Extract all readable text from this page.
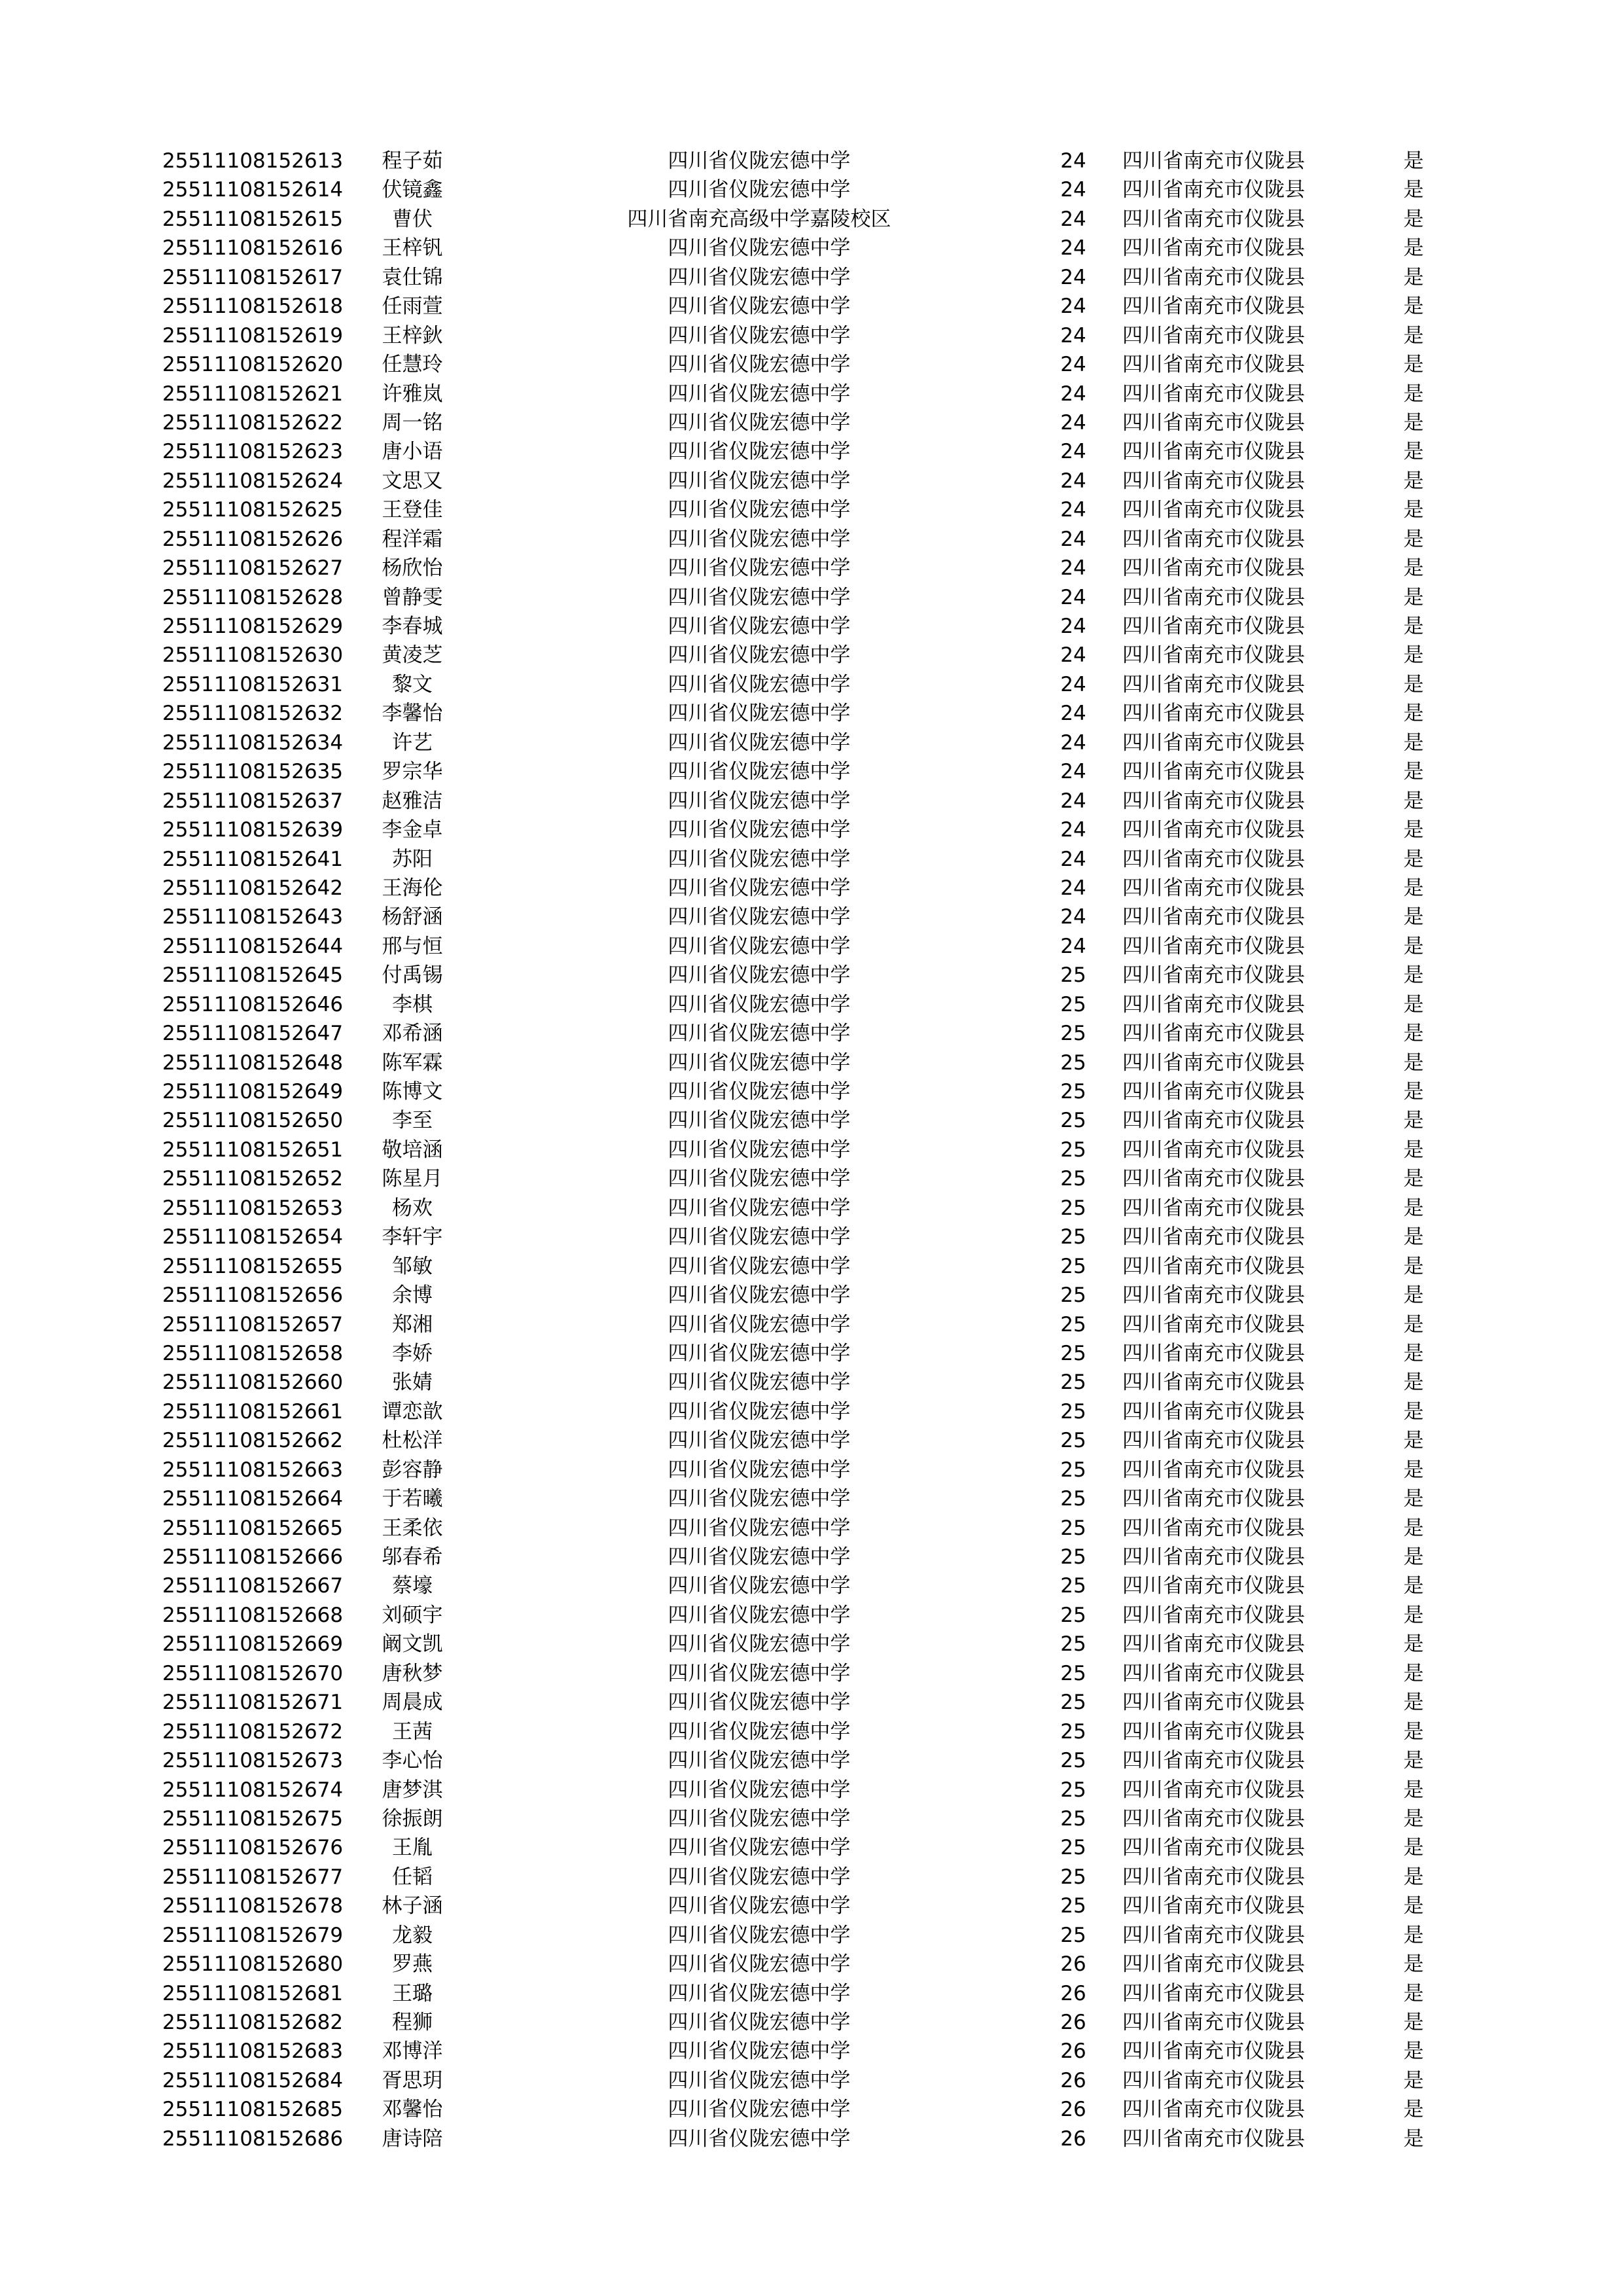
25511108152613	程子茹	四川省仪陇宏德中学	24	四川省南充市仪陇县	是
25511108152614	伏镜鑫	四川省仪陇宏德中学	24	四川省南充市仪陇县	是
25511108152615	曹伏	四川省南充高级中学嘉陵校区	24	四川省南充市仪陇县	是
25511108152616	王梓钒	四川省仪陇宏德中学	24	四川省南充市仪陇县	是
25511108152617	袁仕锦	四川省仪陇宏德中学	24	四川省南充市仪陇县	是
25511108152618	任雨萱	四川省仪陇宏德中学	24	四川省南充市仪陇县	是
25511108152619	王梓鈥	四川省仪陇宏德中学	24	四川省南充市仪陇县	是
25511108152620	任慧玲	四川省仪陇宏德中学	24	四川省南充市仪陇县	是
25511108152621	许雅岚	四川省仪陇宏德中学	24	四川省南充市仪陇县	是
25511108152622	周一铭	四川省仪陇宏德中学	24	四川省南充市仪陇县	是
25511108152623	唐小语	四川省仪陇宏德中学	24	四川省南充市仪陇县	是
25511108152624	文思又	四川省仪陇宏德中学	24	四川省南充市仪陇县	是
25511108152625	王登佳	四川省仪陇宏德中学	24	四川省南充市仪陇县	是
25511108152626	程洋霜	四川省仪陇宏德中学	24	四川省南充市仪陇县	是
25511108152627	杨欣怡	四川省仪陇宏德中学	24	四川省南充市仪陇县	是
25511108152628	曾静雯	四川省仪陇宏德中学	24	四川省南充市仪陇县	是
25511108152629	李春城	四川省仪陇宏德中学	24	四川省南充市仪陇县	是
25511108152630	黄凌芝	四川省仪陇宏德中学	24	四川省南充市仪陇县	是
25511108152631	黎文	四川省仪陇宏德中学	24	四川省南充市仪陇县	是
25511108152632	李馨怡	四川省仪陇宏德中学	24	四川省南充市仪陇县	是
25511108152634	许艺	四川省仪陇宏德中学	24	四川省南充市仪陇县	是
25511108152635	罗宗华	四川省仪陇宏德中学	24	四川省南充市仪陇县	是
25511108152637	赵雅洁	四川省仪陇宏德中学	24	四川省南充市仪陇县	是
25511108152639	李金卓	四川省仪陇宏德中学	24	四川省南充市仪陇县	是
25511108152641	苏阳	四川省仪陇宏德中学	24	四川省南充市仪陇县	是
25511108152642	王海伦	四川省仪陇宏德中学	24	四川省南充市仪陇县	是
25511108152643	杨舒涵	四川省仪陇宏德中学	24	四川省南充市仪陇县	是
25511108152644	邢与恒	四川省仪陇宏德中学	24	四川省南充市仪陇县	是
25511108152645	付禹锡	四川省仪陇宏德中学	25	四川省南充市仪陇县	是
25511108152646	李棋	四川省仪陇宏德中学	25	四川省南充市仪陇县	是
25511108152647	邓希涵	四川省仪陇宏德中学	25	四川省南充市仪陇县	是
25511108152648	陈军霖	四川省仪陇宏德中学	25	四川省南充市仪陇县	是
25511108152649	陈博文	四川省仪陇宏德中学	25	四川省南充市仪陇县	是
25511108152650	李至	四川省仪陇宏德中学	25	四川省南充市仪陇县	是
25511108152651	敬培涵	四川省仪陇宏德中学	25	四川省南充市仪陇县	是
25511108152652	陈星月	四川省仪陇宏德中学	25	四川省南充市仪陇县	是
25511108152653	杨欢	四川省仪陇宏德中学	25	四川省南充市仪陇县	是
25511108152654	李轩宇	四川省仪陇宏德中学	25	四川省南充市仪陇县	是
25511108152655	邹敏	四川省仪陇宏德中学	25	四川省南充市仪陇县	是
25511108152656	余博	四川省仪陇宏德中学	25	四川省南充市仪陇县	是
25511108152657	郑湘	四川省仪陇宏德中学	25	四川省南充市仪陇县	是
25511108152658	李娇	四川省仪陇宏德中学	25	四川省南充市仪陇县	是
25511108152660	张婧	四川省仪陇宏德中学	25	四川省南充市仪陇县	是
25511108152661	谭恋歆	四川省仪陇宏德中学	25	四川省南充市仪陇县	是
25511108152662	杜松洋	四川省仪陇宏德中学	25	四川省南充市仪陇县	是
25511108152663	彭容静	四川省仪陇宏德中学	25	四川省南充市仪陇县	是
25511108152664	于若曦	四川省仪陇宏德中学	25	四川省南充市仪陇县	是
25511108152665	王柔依	四川省仪陇宏德中学	25	四川省南充市仪陇县	是
25511108152666	邬春希	四川省仪陇宏德中学	25	四川省南充市仪陇县	是
25511108152667	蔡壕	四川省仪陇宏德中学	25	四川省南充市仪陇县	是
25511108152668	刘硕宇	四川省仪陇宏德中学	25	四川省南充市仪陇县	是
25511108152669	阚文凯	四川省仪陇宏德中学	25	四川省南充市仪陇县	是
25511108152670	唐秋梦	四川省仪陇宏德中学	25	四川省南充市仪陇县	是
25511108152671	周晨成	四川省仪陇宏德中学	25	四川省南充市仪陇县	是
25511108152672	王茜	四川省仪陇宏德中学	25	四川省南充市仪陇县	是
25511108152673	李心怡	四川省仪陇宏德中学	25	四川省南充市仪陇县	是
25511108152674	唐梦淇	四川省仪陇宏德中学	25	四川省南充市仪陇县	是
25511108152675	徐振朗	四川省仪陇宏德中学	25	四川省南充市仪陇县	是
25511108152676	王胤	四川省仪陇宏德中学	25	四川省南充市仪陇县	是
25511108152677	任韬	四川省仪陇宏德中学	25	四川省南充市仪陇县	是
25511108152678	林子涵	四川省仪陇宏德中学	25	四川省南充市仪陇县	是
25511108152679	龙毅	四川省仪陇宏德中学	25	四川省南充市仪陇县	是
25511108152680	罗燕	四川省仪陇宏德中学	26	四川省南充市仪陇县	是
25511108152681	王璐	四川省仪陇宏德中学	26	四川省南充市仪陇县	是
25511108152682	程狮	四川省仪陇宏德中学	26	四川省南充市仪陇县	是
25511108152683	邓博洋	四川省仪陇宏德中学	26	四川省南充市仪陇县	是
25511108152684	胥思玥	四川省仪陇宏德中学	26	四川省南充市仪陇县	是
25511108152685	邓馨怡	四川省仪陇宏德中学	26	四川省南充市仪陇县	是
25511108152686	唐诗陪	四川省仪陇宏德中学	26	四川省南充市仪陇县	是
